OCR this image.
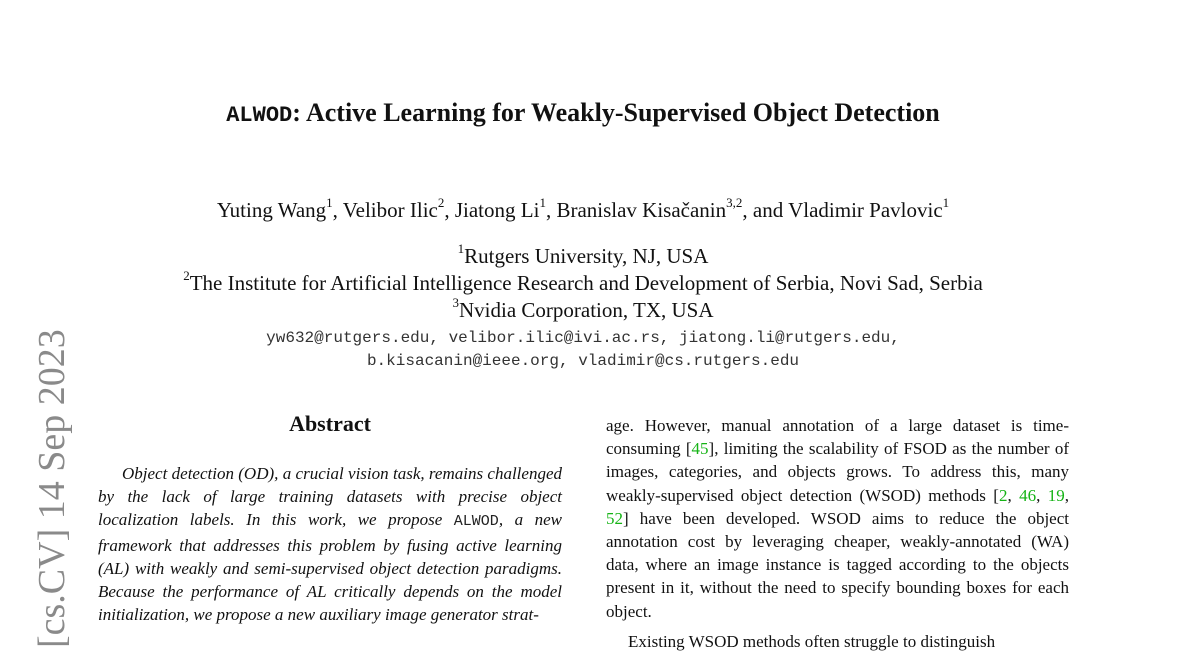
ALWOD: Active Learning for Weakly-Supervised Object Detection
Yuting Wang$^1$, Velibor Ilic$^2$, Jiatong Li$^1$, Branislav Kisačanin$^{3,2}$, and Vladimir Pavlovic$^1$
$^1$Rutgers University, NJ, USA
$^2$The Institute for Artificial Intelligence Research and Development of Serbia, Novi Sad, Serbia
$^3$Nvidia Corporation, TX, USA
yw632@rutgers.edu, velibor.ilic@ivi.ac.rs, jiatong.li@rutgers.edu,
b.kisacanin@ieee.org, vladimir@cs.rutgers.edu
[cs.CV] 14 Sep 2023	Abstract
Object detection (OD), a crucial vision task, remains challenged by the lack of large training datasets with precise object localization labels. In this work, we propose ALWOD, a new framework that addresses this problem by fusing active learning (AL) with weakly and semi-supervised object detection paradigms. Because the performance of AL critically depends on the model initialization, we propose a new auxiliary image generator strat-
age. However, manual annotation of a large dataset is time-consuming [45], limiting the scalability of FSOD as the number of images, categories, and objects grows. To address this, many weakly-supervised object detection (WSOD) methods [2, 46, 19, 52] have been developed. WSOD aims to reduce the object annotation cost by leveraging cheaper, weakly-annotated (WA) data, where an image instance is tagged according to the objects present in it, without the need to specify bounding boxes for each object.
Existing WSOD methods often struggle to distinguish
